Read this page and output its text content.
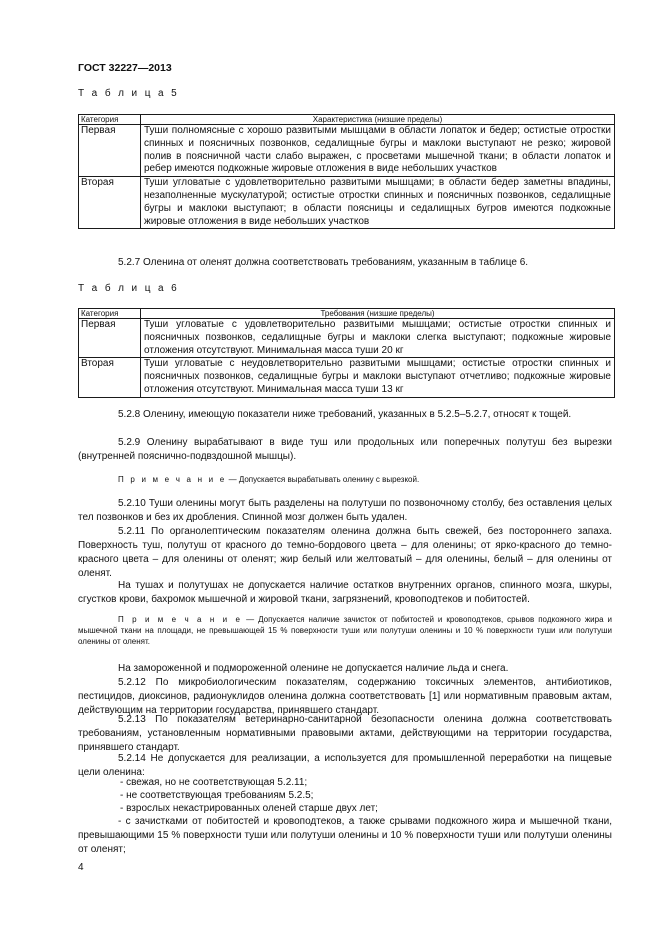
ГОСТ 32227—2013
Т а б л и ц а 5
Категория	Характеристика (низшие пределы)
Первая	Туши полномясные с хорошо развитыми мышцами в области лопаток и бедер; остистые отростки спинных и поясничных позвонков, седалищные бугры и маклоки выступают не резко; жировой полив в поясничной части слабо выражен, с просветами мышечной ткани; в области лопаток и ребер имеются подкожные жировые отложения в виде небольших участков
Вторая	Туши угловатые с удовлетворительно развитыми мышцами; в области бедер заметны впадины, незаполненные мускулатурой; остистые отростки спинных и поясничных позвонков, седалищные бугры и маклоки выступают; в области поясницы и седалищных бугров имеются подкожные жировые отложения в виде небольших участков
5.2.7 Оленина от оленят должна соответствовать требованиям, указанным в таблице 6.
Т а б л и ц а 6
Категория	Требования (низшие пределы)
Первая	Туши угловатые с удовлетворительно развитыми мышцами; остистые отростки спинных и поясничных позвонков, седалищные бугры и маклоки слегка выступают; подкожные жировые отложения отсутствуют. Минимальная масса туши 20 кг
Вторая	Туши угловатые с неудовлетворительно развитыми мышцами; остистые отростки спинных и поясничных позвонков, седалищные бугры и маклоки выступают отчетливо; подкожные жировые отложения отсутствуют. Минимальная масса туши 13 кг
5.2.8 Оленину, имеющую показатели ниже требований, указанных в 5.2.5–5.2.7, относят к тощей.
5.2.9 Оленину вырабатывают в виде туш или продольных или поперечных полутуш без вырезки (внутренней пояснично-подвздошной мышцы).
П р и м е ч а н и е — Допускается вырабатывать оленину с вырезкой.
5.2.10 Туши оленины могут быть разделены на полутуши по позвоночному столбу, без оставления целых тел позвонков и без их дробления. Спинной мозг должен быть удален.
5.2.11 По органолептическим показателям оленина должна быть свежей, без постороннего запаха. Поверхность туш, полутуш от красного до темно-бордового цвета – для оленины; от ярко-красного до темно-красного цвета – для оленины от оленят; жир белый или желтоватый – для оленины, белый – для оленины от оленят.
На тушах и полутушах не допускается наличие остатков внутренних органов, спинного мозга, шкуры, сгустков крови, бахромок мышечной и жировой ткани, загрязнений, кровоподтеков и побитостей.
П р и м е ч а н и е — Допускается наличие зачисток от побитостей и кровоподтеков, срывов подкожного жира и мышечной ткани на площади, не превышающей 15 % поверхности туши или полутуши оленины и 10 % поверхности туши или полутуши оленины от оленят.
На замороженной и подмороженной оленине не допускается наличие льда и снега.
5.2.12 По микробиологическим показателям, содержанию токсичных элементов, антибиотиков, пестицидов, диоксинов, радионуклидов оленина должна соответствовать [1] или нормативным правовым актам, действующим на территории государства, принявшего стандарт.
5.2.13 По показателям ветеринарно-санитарной безопасности оленина должна соответствовать требованиям, установленным нормативными правовыми актами, действующими на территории государства, принявшего стандарт.
5.2.14 Не допускается для реализации, а используется для промышленной переработки на пищевые цели оленина:
- свежая, но не соответствующая 5.2.11;
- не соответствующая требованиям 5.2.5;
- взрослых некастрированных оленей старше двух лет;
- с зачистками от побитостей и кровоподтеков, а также срывами подкожного жира и мышечной ткани, превышающими 15 % поверхности туши или полутуши оленины и 10 % поверхности туши или полутуши оленины от оленят;
4
